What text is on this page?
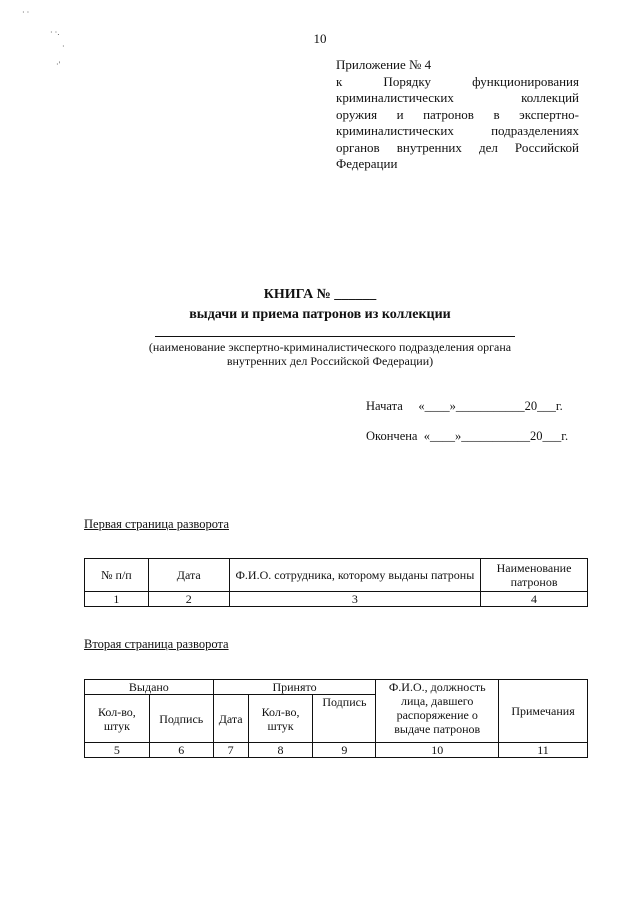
· ·
· ·.
·
·'
10
Приложение № 4
к Порядку функционирования
криминалистических коллекций
оружия и патронов в экспертно-
криминалистических подразделениях
органов внутренних дел Российской
Федерации
КНИГА № ______
выдачи и приема патронов из коллекции
(наименование экспертно-криминалистического подразделения органа внутренних дел Российской Федерации)
Начата     «____»___________20___г.
Окончена  «____»___________20___г.
Первая страница разворота
№ п/п	Дата	Ф.И.О. сотрудника, которому выданы патроны	Наименование патронов
1	2	3	4
Вторая страница разворота
Выдано		Принято			Ф.И.О., должность лица, давшего распоряжение о выдаче патронов	Примечания
Кол-во, штук	Подпись	Дата	Кол-во, штук	Подпись		
5	6	7	8	9	10	11
